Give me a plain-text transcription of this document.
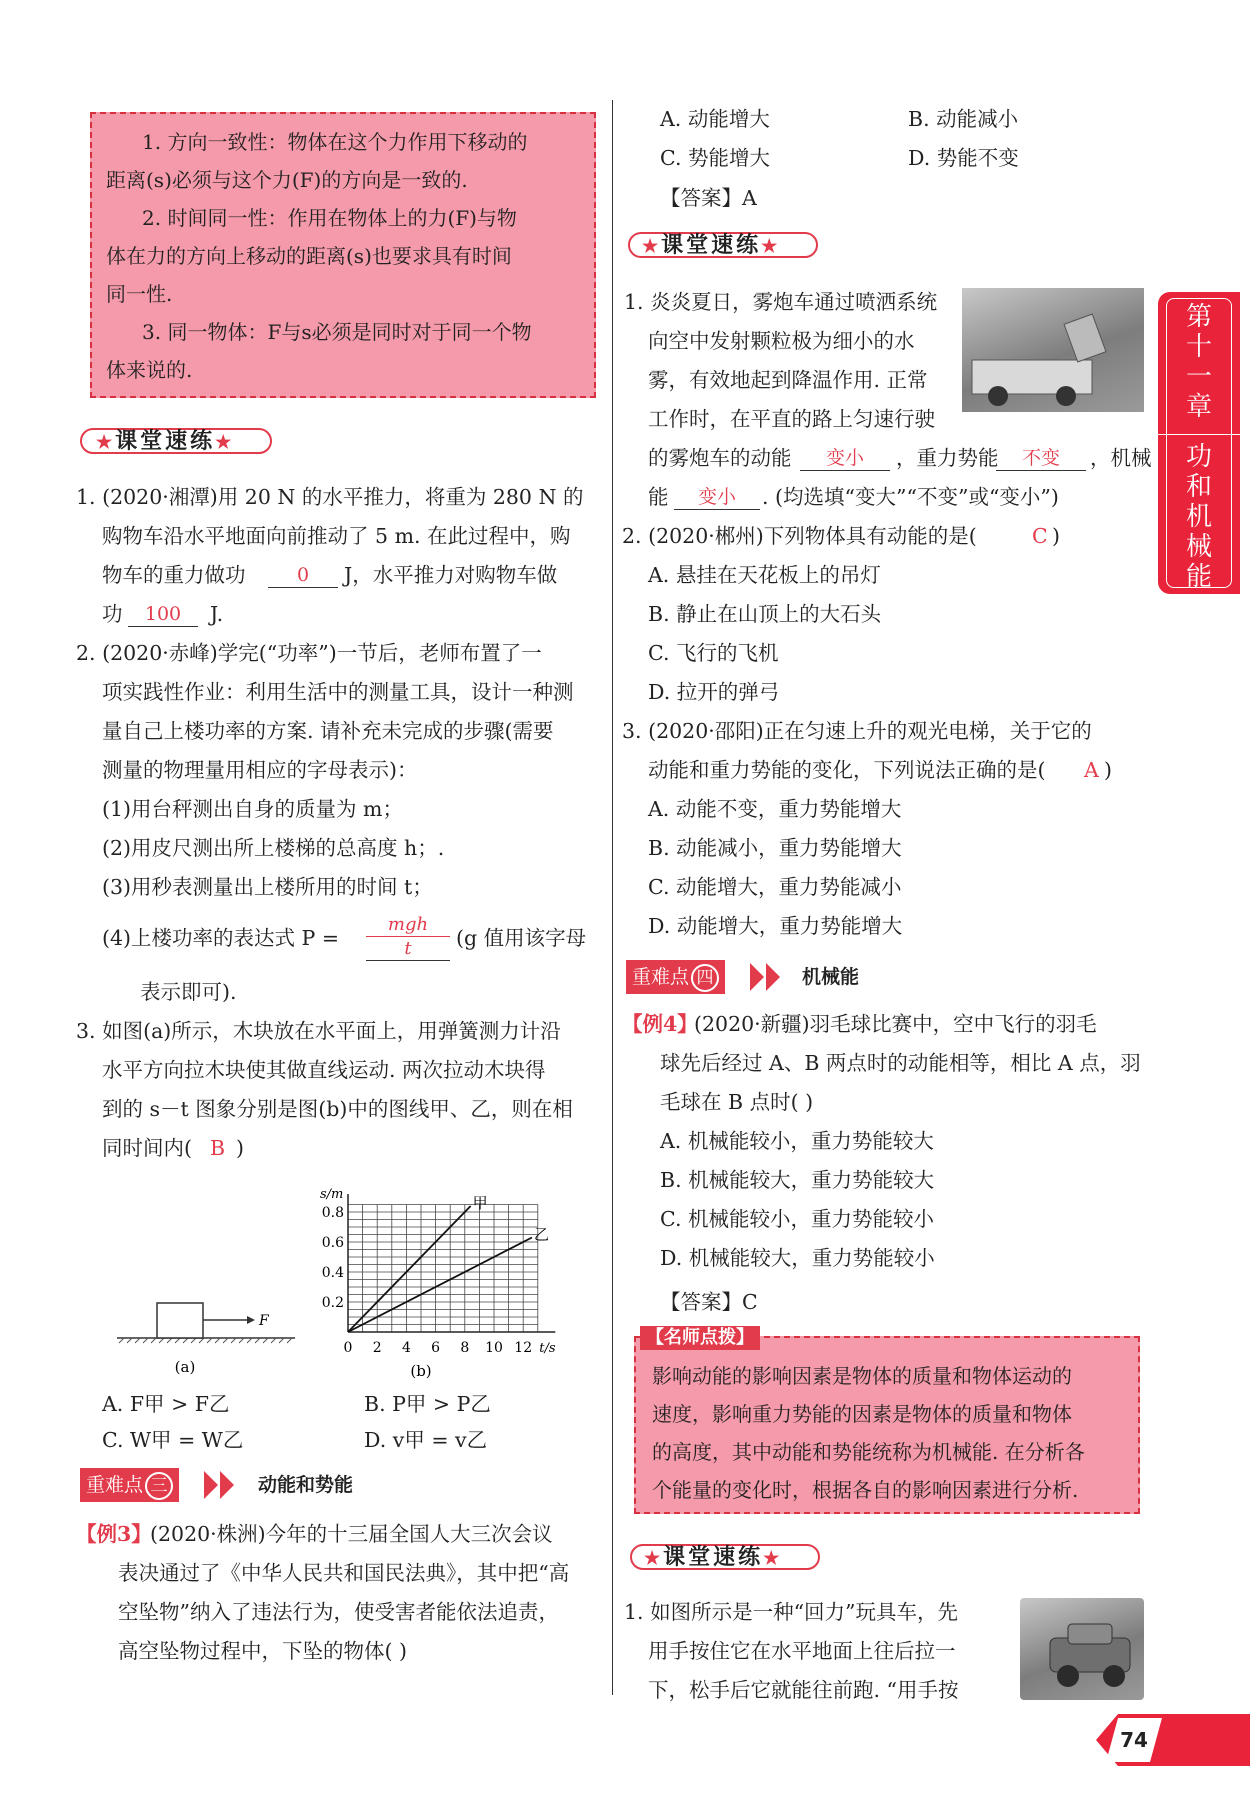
第十一章
功和机械能
1. 方向一致性：物体在这个力作用下移动的
距离(s)必须与这个力(F)的方向是一致的.
2. 时间同一性：作用在物体上的力(F)与物
体在力的方向上移动的距离(s)也要求具有时间
同一性.
3. 同一物体：F与s必须是同时对于同一个物
体来说的.
★课堂速练★
1. (2020·湘潭)用 20 N 的水平推力，将重为 280 N 的
购物车沿水平地面向前推动了 5 m. 在此过程中，购
物车的重力做功	0	J，水平推力对购物车做
功	100	J.
2. (2020·赤峰)学完(“功率”)一节后，老师布置了一
项实践性作业：利用生活中的测量工具，设计一种测
量自己上楼功率的方案. 请补充未完成的步骤(需要
测量的物理量用相应的字母表示)：
(1)用台秤测出自身的质量为 m；
(2)用皮尺测出所上楼梯的总高度 h；.
(3)用秒表测量出上楼所用的时间 t；
(4)上楼功率的表达式 P =
mgh
t	(g 值用该字母
表示即可).
3. 如图(a)所示，木块放在水平面上，用弹簧测力计沿
水平方向拉木块使其做直线运动. 两次拉动木块得
到的 s－t 图象分别是图(b)中的图线甲、乙，则在相
同时间内( B )
F
(a)
0 2 4 6 8 10 12
0.2
0.4
0.6
0.8
s/m
t/s
甲
乙
(b)
A. F甲 > F乙	B. P甲 > P乙
C. W甲 = W乙	D. v甲 = v乙
重难点 三	动能和势能
【例3】
(2020·株洲)今年的十三届全国人大三次会议
表决通过了《中华人民共和国民法典》，其中把“高
空坠物”纳入了违法行为，使受害者能依法追责，
高空坠物过程中，下坠的物体( )
A. 动能增大	B. 动能减小
C. 势能增大	D. 势能不变
【答案】A
★课堂速练★
1. 炎炎夏日，雾炮车通过喷洒系统
向空中发射颗粒极为细小的水
雾，有效地起到降温作用. 正常
工作时，在平直的路上匀速行驶
的雾炮车的动能	变小	，重力势能	不变	，机械
能	变小	. (均选填“变大”“不变”或“变小”)
2. (2020·郴州)下列物体具有动能的是(	C )
A. 悬挂在天花板上的吊灯
B. 静止在山顶上的大石头
C. 飞行的飞机
D. 拉开的弹弓
3. (2020·邵阳)正在匀速上升的观光电梯，关于它的
动能和重力势能的变化，下列说法正确的是( A )
A. 动能不变，重力势能增大
B. 动能减小，重力势能增大
C. 动能增大，重力势能减小
D. 动能增大，重力势能增大
重难点 四	机械能
【例4】
(2020·新疆)羽毛球比赛中，空中飞行的羽毛
球先后经过 A、B 两点时的动能相等，相比 A 点，羽
毛球在 B 点时( )
A. 机械能较小，重力势能较大
B. 机械能较大，重力势能较大
C. 机械能较小，重力势能较小
D. 机械能较大，重力势能较小
【答案】C
【名师点拨】
影响动能的影响因素是物体的质量和物体运动的
速度，影响重力势能的因素是物体的质量和物体
的高度，其中动能和势能统称为机械能. 在分析各
个能量的变化时，根据各自的影响因素进行分析.
★课堂速练★
1. 如图所示是一种“回力”玩具车，先
用手按住它在水平地面上往后拉一
下，松手后它就能往前跑. “用手按
74
